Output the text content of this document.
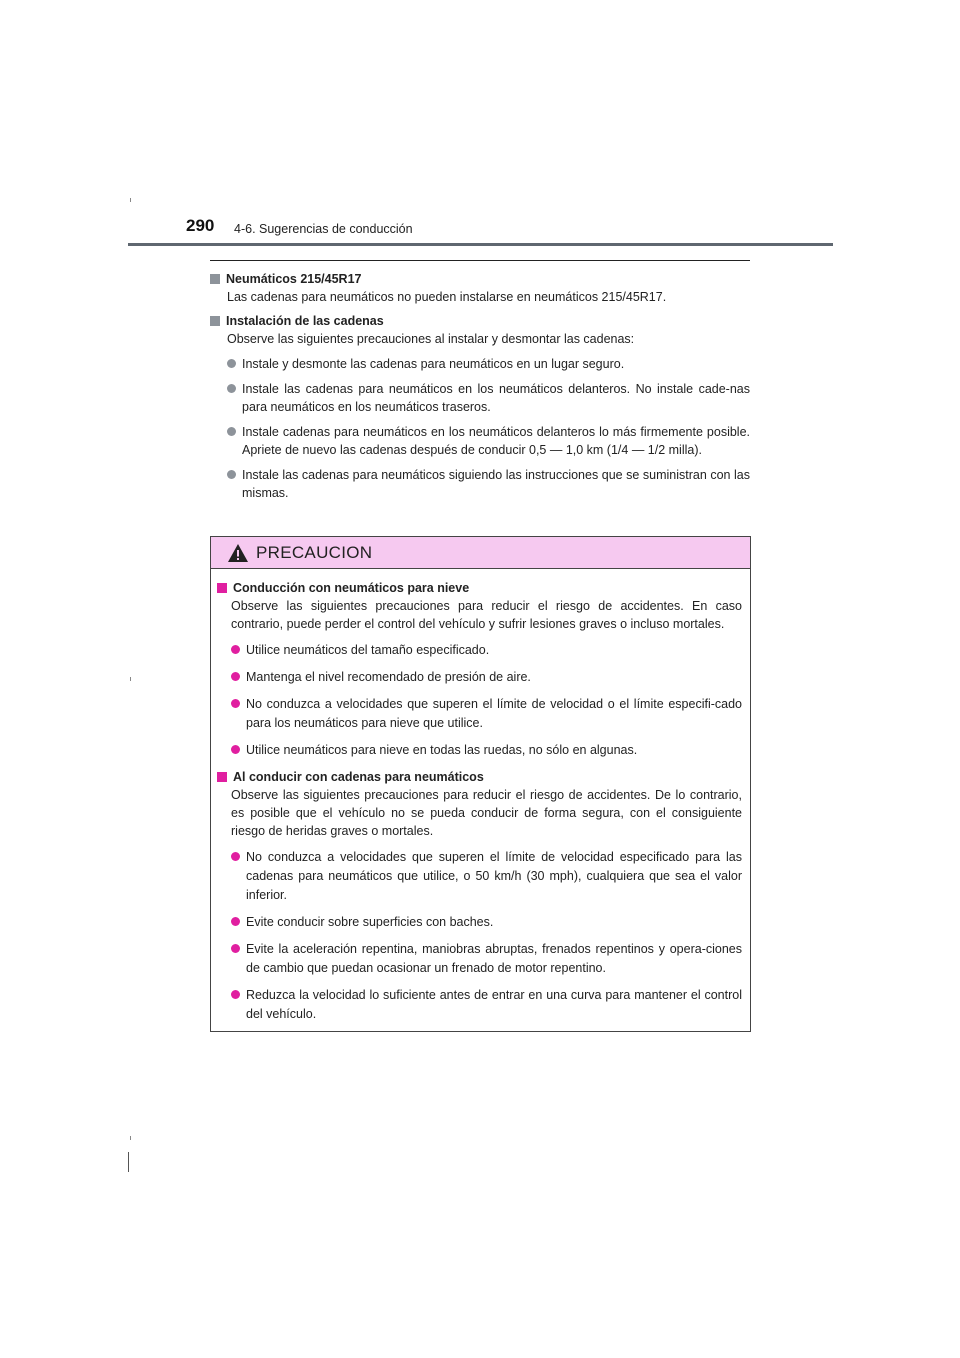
290 4-6. Sugerencias de conducción
Neumáticos 215/45R17
Las cadenas para neumáticos no pueden instalarse en neumáticos 215/45R17.
Instalación de las cadenas
Observe las siguientes precauciones al instalar y desmontar las cadenas:
Instale y desmonte las cadenas para neumáticos en un lugar seguro.
Instale las cadenas para neumáticos en los neumáticos delanteros. No instale cade-nas para neumáticos en los neumáticos traseros.
Instale cadenas para neumáticos en los neumáticos delanteros lo más firmemente posible. Apriete de nuevo las cadenas después de conducir 0,5 — 1,0 km (1/4 — 1/2 milla).
Instale las cadenas para neumáticos siguiendo las instrucciones que se suministran con las mismas.
PRECAUCION
Conducción con neumáticos para nieve
Observe las siguientes precauciones para reducir el riesgo de accidentes. En caso contrario, puede perder el control del vehículo y sufrir lesiones graves o incluso mortales.
Utilice neumáticos del tamaño especificado.
Mantenga el nivel recomendado de presión de aire.
No conduzca a velocidades que superen el límite de velocidad o el límite especifi-cado para los neumáticos para nieve que utilice.
Utilice neumáticos para nieve en todas las ruedas, no sólo en algunas.
Al conducir con cadenas para neumáticos
Observe las siguientes precauciones para reducir el riesgo de accidentes. De lo contrario, es posible que el vehículo no se pueda conducir de forma segura, con el consiguiente riesgo de heridas graves o mortales.
No conduzca a velocidades que superen el límite de velocidad especificado para las cadenas para neumáticos que utilice, o 50 km/h (30 mph), cualquiera que sea el valor inferior.
Evite conducir sobre superficies con baches.
Evite la aceleración repentina, maniobras abruptas, frenados repentinos y opera-ciones de cambio que puedan ocasionar un frenado de motor repentino.
Reduzca la velocidad lo suficiente antes de entrar en una curva para mantener el control del vehículo.
